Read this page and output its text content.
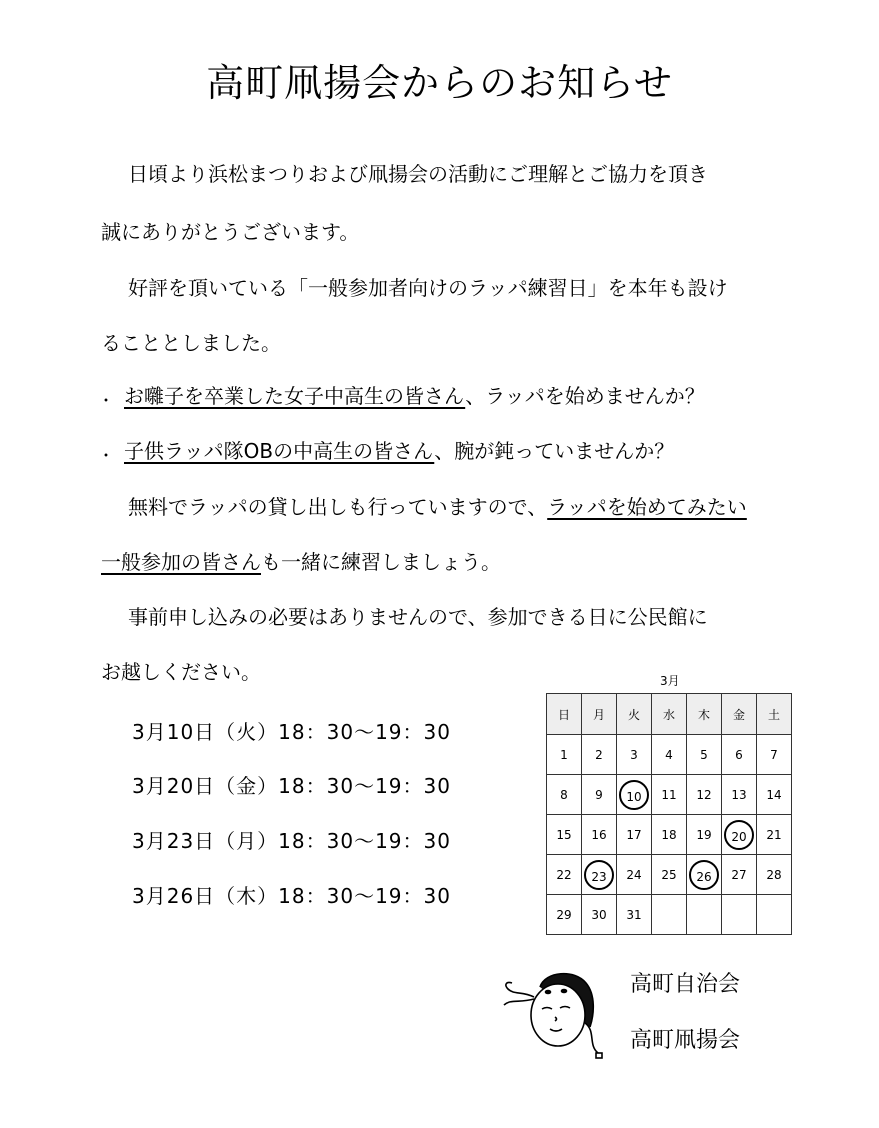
高町凧揚会からのお知らせ
日頃より浜松まつりおよび凧揚会の活動にご理解とご協力を頂き
誠にありがとうございます。
好評を頂いている「一般参加者向けのラッパ練習日」を本年も設け
ることとしました。
・ お囃子を卒業した女子中高生の皆さん、ラッパを始めませんか？
・ 子供ラッパ隊OBの中高生の皆さん、腕が鈍っていませんか？
無料でラッパの貸し出しも行っていますので、ラッパを始めてみたい
一般参加の皆さんも一緒に練習しましょう。
事前申し込みの必要はありませんので、参加できる日に公民館に
お越しください。
3月10日（火）18：30～19：30
3月20日（金）18：30～19：30
3月23日（月）18：30～19：30
3月26日（木）18：30～19：30
3月
日	月	火	水	木	金	土
1	2	3	4	5	6	7
8	9	10	11	12	13	14
15	16	17	18	19	20	21
22	23	24	25	26	27	28
29	30	31				
高町自治会
高町凧揚会
